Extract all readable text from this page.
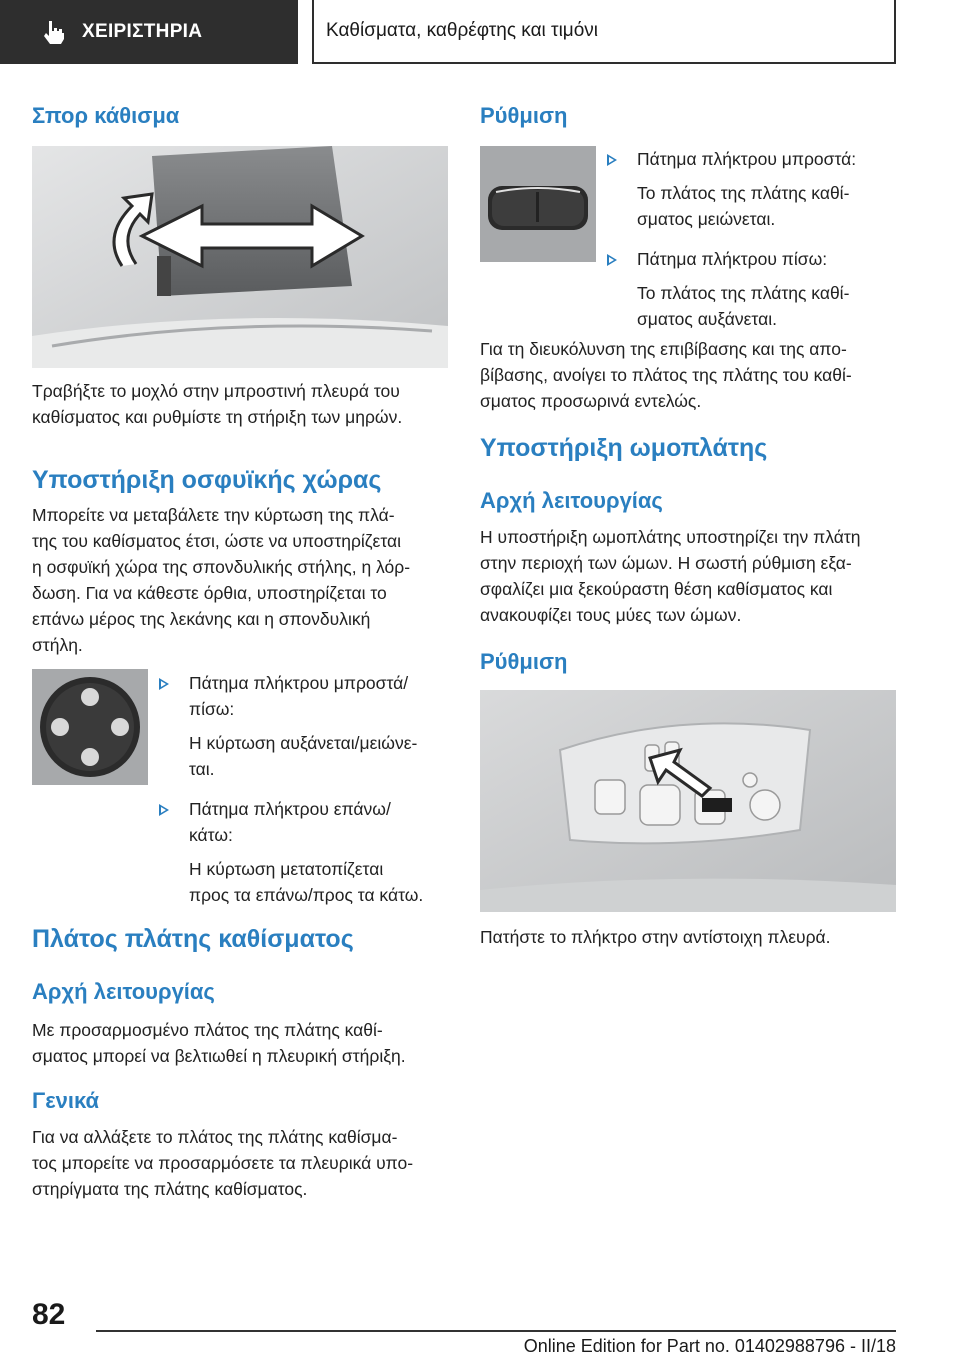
ΧΕΙΡΙΣΤΗΡΙΑ	Καθίσματα, καθρέφτης και τιμόνι
Σπορ κάθισμα
Τραβήξτε το μοχλό στην μπροστινή πλευρά του
καθίσματος και ρυθμίστε τη στήριξη των μηρών.
Υποστήριξη οσφυϊκής χώρας
Μπορείτε να μεταβάλετε την κύρτωση της πλά-
της του καθίσματος έτσι, ώστε να υποστηρίζεται
η οσφυϊκή χώρα της σπονδυλικής στήλης, η λόρ-
δωση. Για να κάθεστε όρθια, υποστηρίζεται το
επάνω μέρος της λεκάνης και η σπονδυλική
στήλη.
Πάτημα πλήκτρου μπροστά/
πίσω:
Η κύρτωση αυξάνεται/μειώνε-
ται.
Πάτημα πλήκτρου επάνω/
κάτω:
Η κύρτωση μετατοπίζεται
προς τα επάνω/προς τα κάτω.
Πλάτος πλάτης καθίσματος
Αρχή λειτουργίας
Με προσαρμοσμένο πλάτος της πλάτης καθί-
σματος μπορεί να βελτιωθεί η πλευρική στήριξη.
Γενικά
Για να αλλάξετε το πλάτος της πλάτης καθίσμα-
τος μπορείτε να προσαρμόσετε τα πλευρικά υπο-
στηρίγματα της πλάτης καθίσματος.
Ρύθμιση
Πάτημα πλήκτρου μπροστά:
Το πλάτος της πλάτης καθί-
σματος μειώνεται.
Πάτημα πλήκτρου πίσω:
Το πλάτος της πλάτης καθί-
σματος αυξάνεται.
Για τη διευκόλυνση της επιβίβασης και της απο-
βίβασης, ανοίγει το πλάτος της πλάτης του καθί-
σματος προσωρινά εντελώς.
Υποστήριξη ωμοπλάτης
Αρχή λειτουργίας
Η υποστήριξη ωμοπλάτης υποστηρίζει την πλάτη
στην περιοχή των ώμων. Η σωστή ρύθμιση εξα-
σφαλίζει μια ξεκούραστη θέση καθίσματος και
ανακουφίζει τους μύες των ώμων.
Ρύθμιση
Πατήστε το πλήκτρο στην αντίστοιχη πλευρά.
82
Online Edition for Part no. 01402988796 - II/18
